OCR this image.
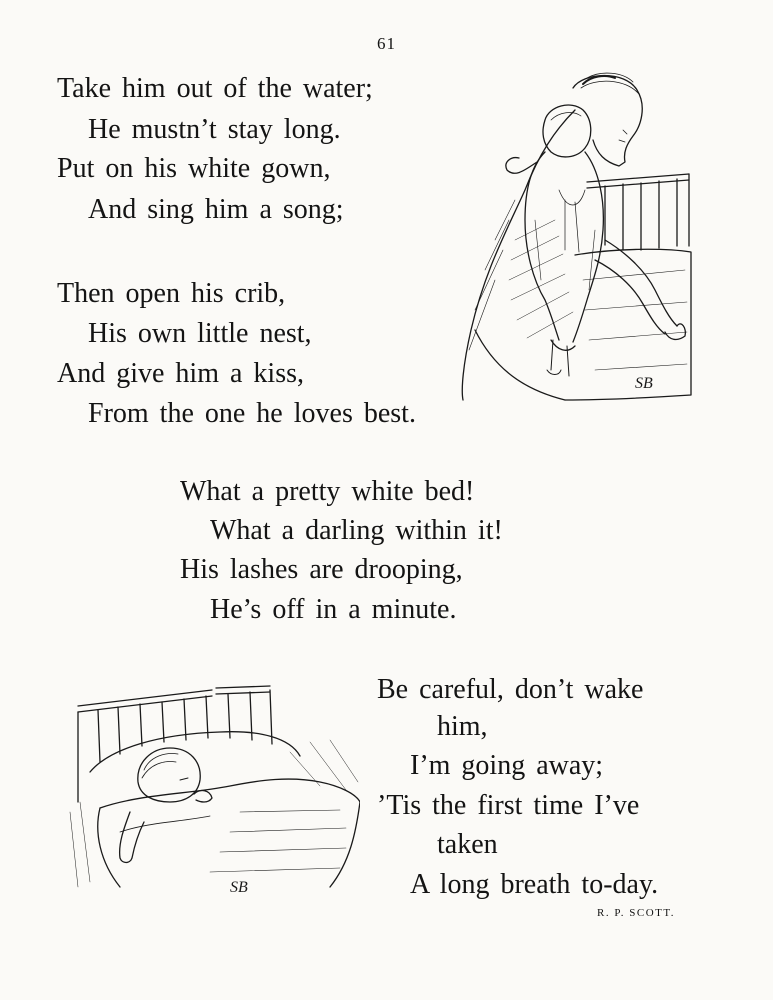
61
Take him out of the water;
He mustn’t stay long.
Put on his white gown,
And sing him a song;
Then open his crib,
His own little nest,
And give him a kiss,
From the one he loves best.
What a pretty white bed!
What a darling within it!
His lashes are drooping,
He’s off in a minute.
Be careful, don’t wake
him,
I’m going away;
’Tis the first time I’ve
taken
A long breath to-day.
R. P. SCOTT.
SB
SB
